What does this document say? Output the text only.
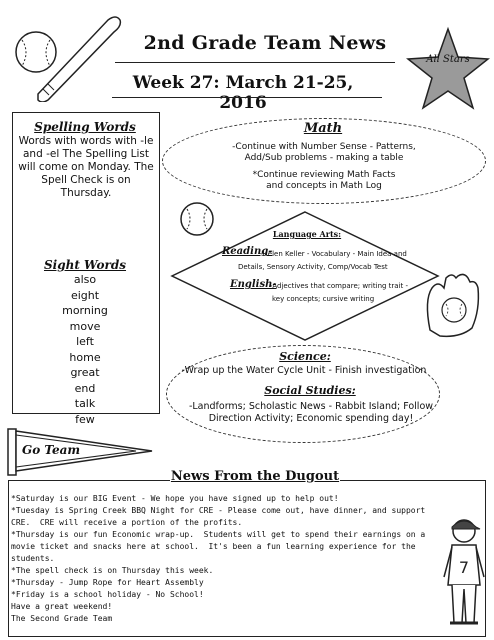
2nd Grade Team News
Week 27: March 21-25, 2016
All Stars
Spelling Words
Words with words with -le and -el The Spelling List will come on Monday. The Spell Check is on Thursday.
Sight Words
also
eight
morning
move
left
home
great
end
talk
few
Go Team
Math
-Continue with Number Sense - Patterns,
Add/Sub problems - making a table
*Continue reviewing Math Facts
and concepts in Math Log
Language Arts:
Reading-
-Helen Keller - Vocabulary - Main Idea and
Details, Sensory Activity, Comp/Vocab Test
English-
-Adjectives that compare; writing trait -
key concepts; cursive writing
Science:
-Wrap up the Water Cycle Unit - Finish investigation
Social Studies:
-Landforms; Scholastic News - Rabbit Island; Follow
Direction Activity; Economic spending day!
News From the Dugout
*Saturday is our BIG Event - We hope you have signed up to help out!
*Tuesday is Spring Creek BBQ Night for CRE - Please come out, have dinner, and support CRE.  CRE will receive a portion of the profits.
*Thursday is our fun Economic wrap-up.  Students will get to spend their earnings on a movie ticket and snacks here at school.  It's been a fun learning experience for the students.
*The spell check is on Thursday this week.
*Thursday - Jump Rope for Heart Assembly
*Friday is a school holiday - No School!
Have a great weekend!
The Second Grade Team
7
